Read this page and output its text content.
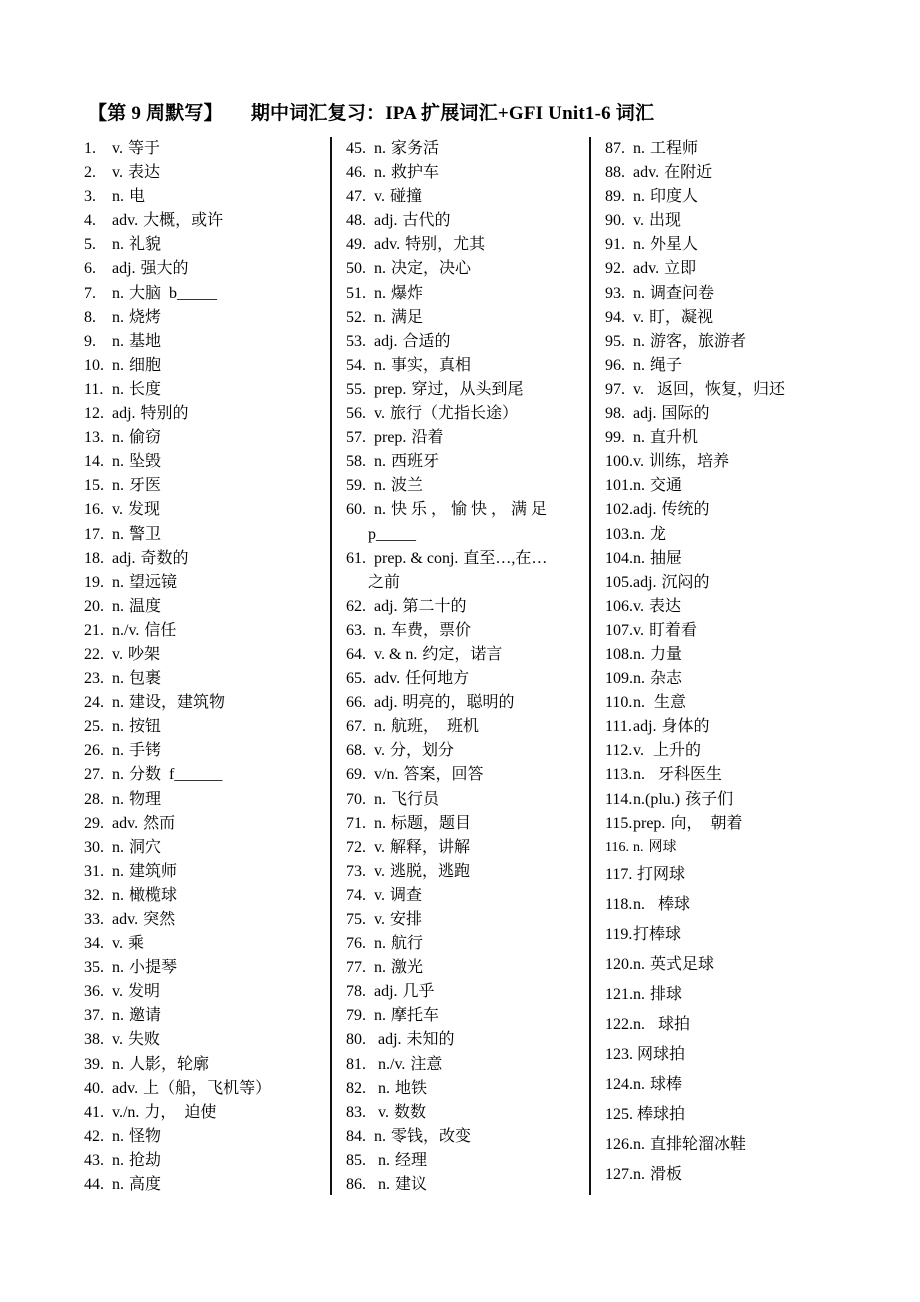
【第 9 周默写】 期中词汇复习：IPA 扩展词汇+GFI Unit1-6 词汇
1. v. 等于
2. v. 表达
3. n. 电
4. adv. 大概，或许
5. n. 礼貌
6. adj. 强大的
7. n. 大脑  b_____
8. n. 烧烤
9. n. 基地
10. n. 细胞
11. n. 长度
12. adj. 特别的
13. n. 偷窃
14. n. 坠毁
15. n. 牙医
16. v. 发现
17. n. 警卫
18. adj. 奇数的
19. n. 望远镜
20. n. 温度
21. n./v. 信任
22. v. 吵架
23. n. 包裹
24. n. 建设，建筑物
25. n. 按钮
26. n. 手铐
27. n. 分数  f______
28. n. 物理
29. adv. 然而
30. n. 洞穴
31. n. 建筑师
32. n. 橄榄球
33. adv. 突然
34. v. 乘
35. n. 小提琴
36. v. 发明
37. n. 邀请
38. v. 失败
39. n. 人影，轮廓
40. adv. 上（船，飞机等）
41. v./n. 力，  迫使
42. n. 怪物
43. n. 抢劫
44. n. 高度
45. n. 家务活
46. n. 救护车
47. v. 碰撞
48. adj. 古代的
49. adv. 特别，尤其
50. n. 决定，决心
51. n. 爆炸
52. n. 满足
53. adj. 合适的
54. n. 事实，真相
55. prep. 穿过，从头到尾
56. v. 旅行（尤指长途）
57. prep. 沿着
58. n. 西班牙
59. n. 波兰
60. n. 快 乐 ， 愉 快 ， 满 足
p_____
61. prep. & conj. 直至…,在…
之前
62. adj. 第二十的
63. n. 车费，票价
64. v. & n. 约定，诺言
65. adv. 任何地方
66. adj. 明亮的，聪明的
67. n. 航班，  班机
68. v. 分，划分
69. v/n. 答案，回答
70. n. 飞行员
71. n. 标题，题目
72. v. 解释，讲解
73. v. 逃脱，逃跑
74. v. 调查
75. v. 安排
76. n. 航行
77. n. 激光
78. adj. 几乎
79. n. 摩托车
80. adj. 未知的
81. n./v. 注意
82. n. 地铁
83. v. 数数
84. n. 零钱，改变
85. n. 经理
86. n. 建议
87. n. 工程师
88. adv. 在附近
89. n. 印度人
90. v. 出现
91. n. 外星人
92. adv. 立即
93. n. 调查问卷
94. v. 盯，凝视
95. n. 游客，旅游者
96. n. 绳子
97. v.  返回，恢复，归还
98. adj. 国际的
99. n. 直升机
100.v. 训练，培养
101.n. 交通
102.adj. 传统的
103.n. 龙
104.n. 抽屉
105.adj. 沉闷的
106.v. 表达
107.v. 盯着看
108.n. 力量
109.n. 杂志
110.n. 生意
111.adj. 身体的
112.v. 上升的
113.n.  牙科医生
114.n.(plu.) 孩子们
115.prep. 向，  朝着
116. n. 网球
117. 打网球
118.n.  棒球
119.打棒球
120.n. 英式足球
121.n. 排球
122.n.  球拍
123. 网球拍
124.n. 球棒
125. 棒球拍
126.n. 直排轮溜冰鞋
127.n. 滑板
